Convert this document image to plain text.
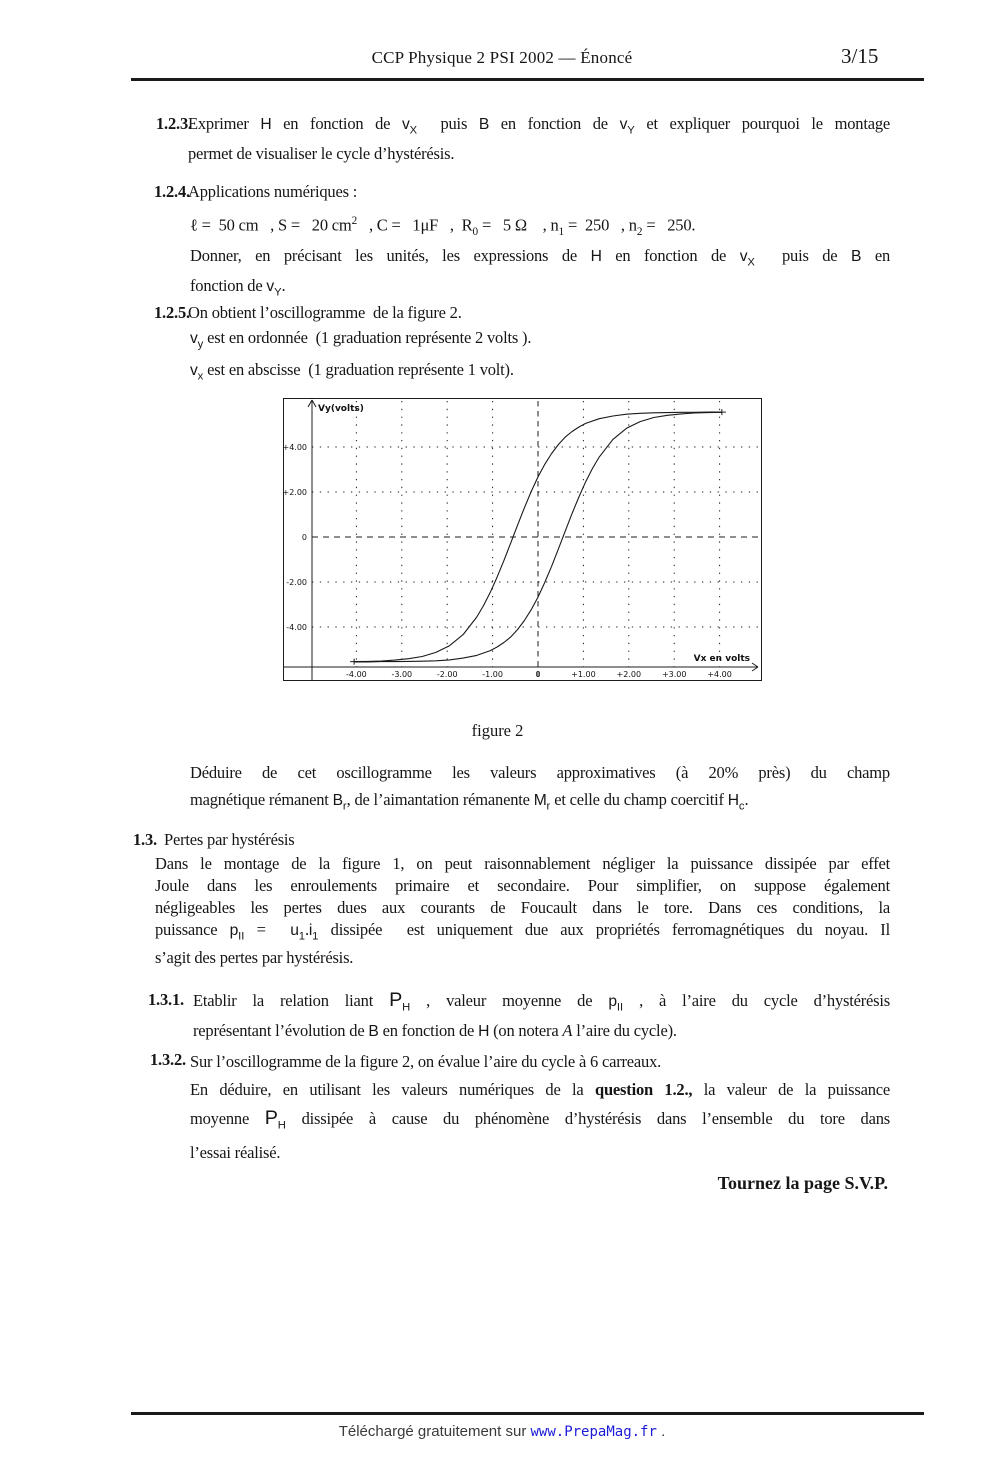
CCP Physique 2 PSI 2002 — Énoncé	3/15
1.2.3.
Exprimer H en fonction de $v_X$  puis B en fonction de $v_Y$ et expliquer pourquoi le montage
permet de visualiser le cycle d’hystérésis.
1.2.4.
Applications numériques :
ℓ =  50 cm   , S =   20 $cm^2$   , C =   1μF   ,  $R_0 = 5$ Ω    , $n_1 = 250$   , $n_2 = 250$.
Donner, en précisant les unités, les expressions de H en fonction de $v_X$  puis de B en
fonction de $v_Y$.
1.2.5.
On obtient l’oscillogramme  de la figure 2.
$v_y$ est en ordonnée  (1 graduation représente 2 volts ).
$v_x$ est en abscisse  (1 graduation représente 1 volt).
Vy(volts)
Vx en volts
-4.00	-3.00	-2.00	-1.00	0	+1.00	+2.00	+3.00	+4.00
+4.00
+2.00
0
-2.00
-4.00
figure 2
Déduire de cet oscillogramme les valeurs approximatives (à 20% près) du champ
magnétique rémanent $B_r$, de l’aimantation rémanente $M_r$ et celle du champ coercitif $H_c$.
1.3. Pertes par hystérésis
Dans le montage de la figure 1, on peut raisonnablement négliger la puissance dissipée par effet
Joule dans les enroulements primaire et secondaire. Pour simplifier, on suppose également
négligeables les pertes dues aux courants de Foucault dans le tore. Dans ces conditions, la
puissance $p_{II} = u_1.i_1$ dissipée  est uniquement due aux propriétés ferromagnétiques du noyau. Il
s’agit des pertes par hystérésis.
1.3.1. Etablir la relation liant $P_H$ , valeur moyenne de $p_{II}$ , à l’aire du cycle d’hystérésis
représentant l’évolution de B en fonction de H (on notera A l’aire du cycle).
1.3.2. Sur l’oscillogramme de la figure 2, on évalue l’aire du cycle à 6 carreaux.
En déduire, en utilisant les valeurs numériques de la question 1.2., la valeur de la puissance
moyenne $P_H$ dissipée à cause du phénomène d’hystérésis dans l’ensemble du tore dans
l’essai réalisé.
Tournez la page S.V.P.
Téléchargé gratuitement sur www.PrepaMag.fr .
